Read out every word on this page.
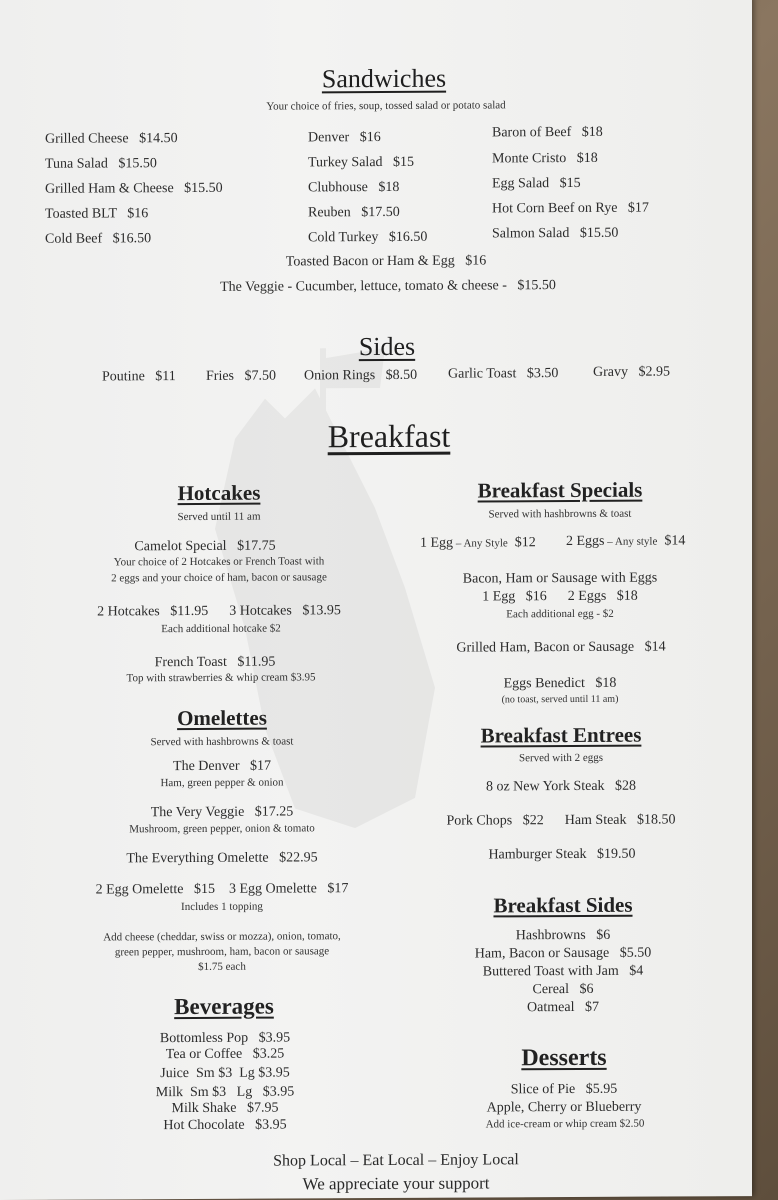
Sandwiches
Your choice of fries, soup, tossed salad or potato salad
Grilled Cheese   $14.50
Tuna Salad   $15.50
Grilled Ham & Cheese   $15.50
Toasted BLT   $16
Cold Beef   $16.50
Denver   $16
Turkey Salad   $15
Clubhouse   $18
Reuben   $17.50
Cold Turkey   $16.50
Baron of Beef   $18
Monte Cristo   $18
Egg Salad   $15
Hot Corn Beef on Rye   $17
Salmon Salad   $15.50
Toasted Bacon or Ham & Egg   $16
The Veggie - Cucumber, lettuce, tomato & cheese -   $15.50
Sides
Poutine   $11 Fries   $7.50 Onion Rings   $8.50 Garlic Toast   $3.50 Gravy   $2.95
Breakfast
Hotcakes
Served until 11 am
Camelot Special   $17.75
Your choice of 2 Hotcakes or French Toast with
2 eggs and your choice of ham, bacon or sausage
2 Hotcakes   $11.95      3 Hotcakes   $13.95
Each additional hotcake $2
French Toast   $11.95
Top with strawberries & whip cream $3.95
Omelettes
Served with hashbrowns & toast
The Denver   $17
Ham, green pepper & onion
The Very Veggie   $17.25
Mushroom, green pepper, onion & tomato
The Everything Omelette   $22.95
2 Egg Omelette   $15    3 Egg Omelette   $17
Includes 1 topping
Add cheese (cheddar, swiss or mozza), onion, tomato,
green pepper, mushroom, ham, bacon or sausage
$1.75 each
Beverages
Bottomless Pop   $3.95
Tea or Coffee   $3.25
Juice  Sm $3  Lg $3.95
Milk  Sm $3   Lg   $3.95
Milk Shake   $7.95
Hot Chocolate   $3.95
Breakfast Specials
Served with hashbrowns & toast
1 Egg – Any Style  $12 2 Eggs – Any style  $14
Bacon, Ham or Sausage with Eggs
1 Egg   $16      2 Eggs   $18
Each additional egg - $2
Grilled Ham, Bacon or Sausage   $14
Eggs Benedict   $18
(no toast, served until 11 am)
Breakfast Entrees
Served with 2 eggs
8 oz New York Steak   $28
Pork Chops   $22      Ham Steak   $18.50
Hamburger Steak   $19.50
Breakfast Sides
Hashbrowns   $6
Ham, Bacon or Sausage   $5.50
Buttered Toast with Jam   $4
Cereal   $6
Oatmeal   $7
Desserts
Slice of Pie   $5.95
Apple, Cherry or Blueberry
Add ice-cream or whip cream $2.50
Shop Local – Eat Local – Enjoy Local
We appreciate your support
